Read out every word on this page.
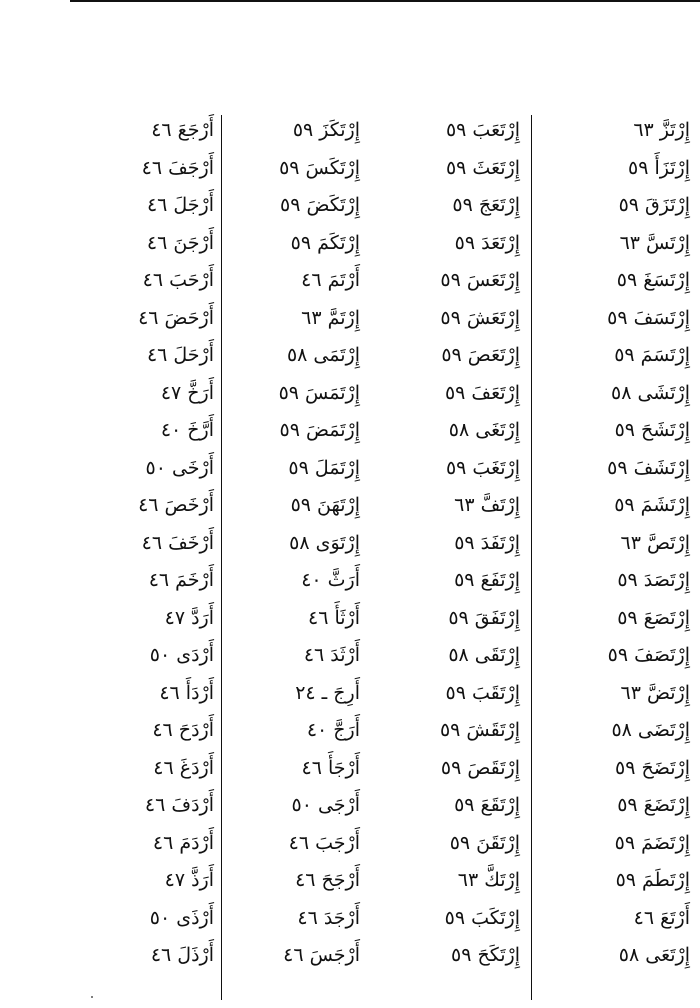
إِرْتَزَّ ٦٣
إِرْتَزَأَ ٥٩
إِرْتَزَقَ ٥٩
إِرْتَسَّ ٦٣
إِرْتَسَغَ ٥٩
إِرْتَسَفَ ٥٩
إِرْتَسَمَ ٥٩
إِرْتَشَى ٥٨
إِرْتَشَحَ ٥٩
إِرْتَشَفَ ٥٩
إِرْتَشَمَ ٥٩
إِرْتَصَّ ٦٣
إِرْتَصَدَ ٥٩
إِرْتَصَعَ ٥٩
إِرْتَصَفَ ٥٩
إِرْتَضَّ ٦٣
إِرْتَضَى ٥٨
إِرْتَضَحَ ٥٩
إِرْتَضَعَ ٥٩
إِرْتَضَمَ ٥٩
إِرْتَطَمَ ٥٩
أَرْتَعَ ٤٦
إِرْتَعَى ٥٨
إِرْتَعَبَ ٥٩
إِرْتَعَثَ ٥٩
إِرْتَعَجَ ٥٩
إِرْتَعَدَ ٥٩
إِرْتَعَسَ ٥٩
إِرْتَعَشَ ٥٩
إِرْتَعَصَ ٥٩
إِرْتَعَفَ ٥٩
إِرْتَغَى ٥٨
إِرْتَغَبَ ٥٩
إِرْتَفَّ ٦٣
إِرْتَفَدَ ٥٩
إِرْتَفَعَ ٥٩
إِرْتَفَقَ ٥٩
إِرْتَقَى ٥٨
إِرْتَقَبَ ٥٩
إِرْتَقَشَ ٥٩
إِرْتَقَصَ ٥٩
إِرْتَقَعَ ٥٩
إِرْتَقَنَ ٥٩
إِرْتَكَّ ٦٣
إِرْتَكَبَ ٥٩
إِرْتَكَحَ ٥٩
إِرْتَكَزَ ٥٩
إِرْتَكَسَ ٥٩
إِرْتَكَضَ ٥٩
إِرْتَكَمَ ٥٩
أَرْتَمَ ٤٦
إِرْتَمَّ ٦٣
إِرْتَمَى ٥٨
إِرْتَمَسَ ٥٩
إِرْتَمَضَ ٥٩
إِرْتَمَلَ ٥٩
إِرْتَهَنَ ٥٩
إِرْتَوَى ٥٨
أَرَثَّ ٤٠
أَرْثَأَ ٤٦
أَرْثَدَ ٤٦
أَرِجَ ـ ٢٤
أَرَجَّ ٤٠
أَرْجَأَ ٤٦
أَرْجَى ٥٠
أَرْجَبَ ٤٦
أَرْجَحَ ٤٦
أَرْجَدَ ٤٦
أَرْجَسَ ٤٦
أَرْجَعَ ٤٦
أَرْجَفَ ٤٦
أَرْجَلَ ٤٦
أَرْجَنَ ٤٦
أَرْحَبَ ٤٦
أَرْحَضَ ٤٦
أَرْحَلَ ٤٦
أَرَخَّ ٤٧
أَرَّخَ ٤٠
أَرْخَى ٥٠
أَرْخَصَ ٤٦
أَرْخَفَ ٤٦
أَرْخَمَ ٤٦
أَرَدَّ ٤٧
أَرْدَى ٥٠
أَرْدَأَ ٤٦
أَرْدَحَ ٤٦
أَرْدَغَ ٤٦
أَرْدَفَ ٤٦
أَرْدَمَ ٤٦
أَرَذَّ ٤٧
أَرْذَى ٥٠
أَرْذَلَ ٤٦
